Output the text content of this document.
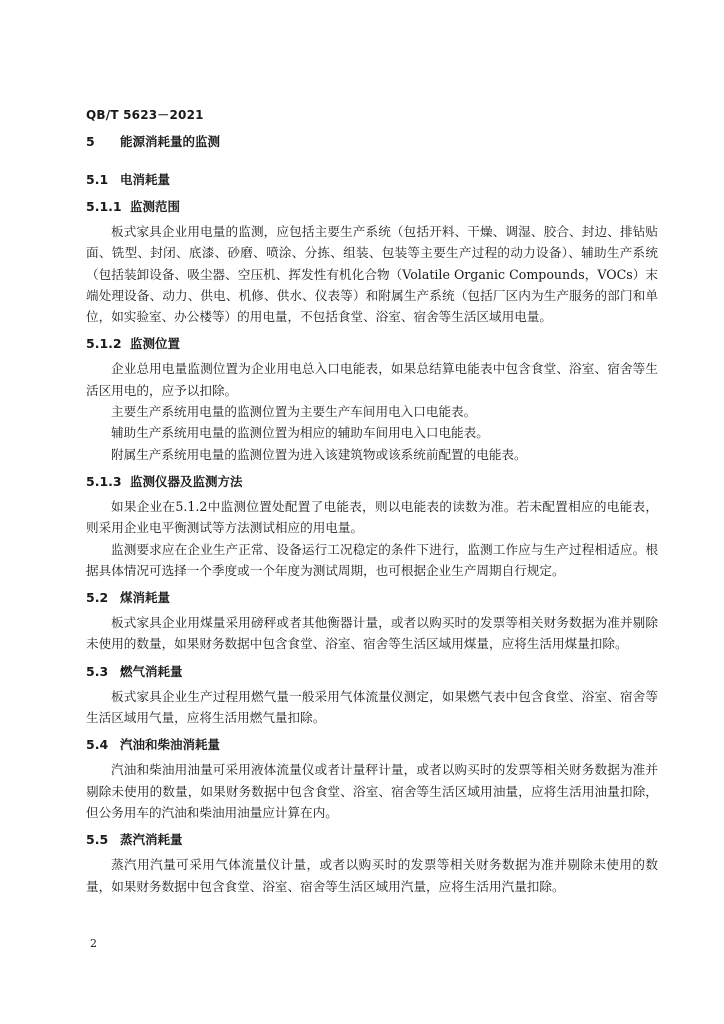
QB/T 5623－2021
5 能源消耗量的监测
5.1 电消耗量
5.1.1 监测范围

板式家具企业用电量的监测，应包括主要生产系统（包括开料、干燥、调湿、胶合、封边、排钻贴面、铣型、封闭、底漆、砂磨、喷涂、分拣、组装、包装等主要生产过程的动力设备）、辅助生产系统（包括装卸设备、吸尘器、空压机、挥发性有机化合物（Volatile Organic Compounds，VOCs）末端处理设备、动力、供电、机修、供水、仪表等）和附属生产系统（包括厂区内为生产服务的部门和单位，如实验室、办公楼等）的用电量，不包括食堂、浴室、宿舍等生活区域用电量。

5.1.2 监测位置

企业总用电量监测位置为企业用电总入口电能表，如果总结算电能表中包含食堂、浴室、宿舍等生活区用电的，应予以扣除。

主要生产系统用电量的监测位置为主要生产车间用电入口电能表。

辅助生产系统用电量的监测位置为相应的辅助车间用电入口电能表。

附属生产系统用电量的监测位置为进入该建筑物或该系统前配置的电能表。

5.1.3 监测仪器及监测方法

如果企业在5.1.2中监测位置处配置了电能表，则以电能表的读数为准。若未配置相应的电能表，则采用企业电平衡测试等方法测试相应的用电量。

监测要求应在企业生产正常、设备运行工况稳定的条件下进行，监测工作应与生产过程相适应。根据具体情况可选择一个季度或一个年度为测试周期，也可根据企业生产周期自行规定。

5.2 煤消耗量

板式家具企业用煤量采用磅秤或者其他衡器计量，或者以购买时的发票等相关财务数据为准并剔除未使用的数量，如果财务数据中包含食堂、浴室、宿舍等生活区域用煤量，应将生活用煤量扣除。

5.3 燃气消耗量

板式家具企业生产过程用燃气量一般采用气体流量仪测定，如果燃气表中包含食堂、浴室、宿舍等生活区域用气量，应将生活用燃气量扣除。

5.4 汽油和柴油消耗量

汽油和柴油用油量可采用液体流量仪或者计量秤计量，或者以购买时的发票等相关财务数据为准并剔除未使用的数量，如果财务数据中包含食堂、浴室、宿舍等生活区域用油量，应将生活用油量扣除，但公务用车的汽油和柴油用油量应计算在内。

5.5 蒸汽消耗量

蒸汽用汽量可采用气体流量仪计量，或者以购买时的发票等相关财务数据为准并剔除未使用的数量，如果财务数据中包含食堂、浴室、宿舍等生活区域用汽量，应将生活用汽量扣除。

2
